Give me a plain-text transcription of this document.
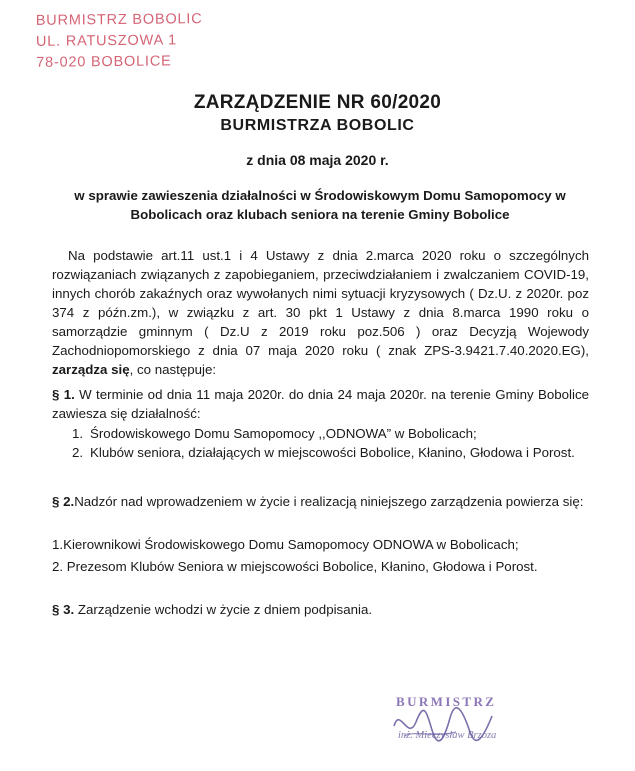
BURMISTRZ BOBOLIC
UL. RATUSZOWA 1
78-020 BOBOLICE
ZARZĄDZENIE NR 60/2020
BURMISTRZA BOBOLIC
z dnia 08 maja 2020 r.
w sprawie zawieszenia działalności w Środowiskowym Domu Samopomocy w Bobolicach oraz klubach seniora na terenie Gminy Bobolice
Na podstawie art.11 ust.1 i 4 Ustawy z dnia 2.marca 2020 roku o szczególnych rozwiązaniach związanych z zapobieganiem, przeciwdziałaniem i zwalczaniem COVID-19, innych chorób zakaźnych oraz wywołanych nimi sytuacji kryzysowych ( Dz.U. z 2020r. poz 374 z późn.zm.), w związku z art. 30 pkt 1 Ustawy z dnia 8.marca 1990 roku o samorządzie gminnym ( Dz.U z 2019 roku poz.506 ) oraz Decyzją Wojewody Zachodniopomorskiego z dnia 07 maja 2020 roku ( znak ZPS-3.9421.7.40.2020.EG), zarządza się, co następuje:
§ 1. W terminie od dnia 11 maja 2020r. do dnia 24 maja 2020r. na terenie Gminy Bobolice zawiesza się działalność:
1. Środowiskowego Domu Samopomocy ,,ODNOWA” w Bobolicach;
2. Klubów seniora, działających w miejscowości Bobolice, Kłanino, Głodowa i Porost.
§ 2.Nadzór nad wprowadzeniem w życie i realizacją niniejszego zarządzenia powierza się:
1.Kierownikowi Środowiskowego Domu Samopomocy ODNOWA w Bobolicach;
2. Prezesom Klubów Seniora w miejscowości Bobolice, Kłanino, Głodowa i Porost.
§ 3. Zarządzenie wchodzi w życie z dniem podpisania.
BURMISTRZ
inż. Mieczysław Brzoza
